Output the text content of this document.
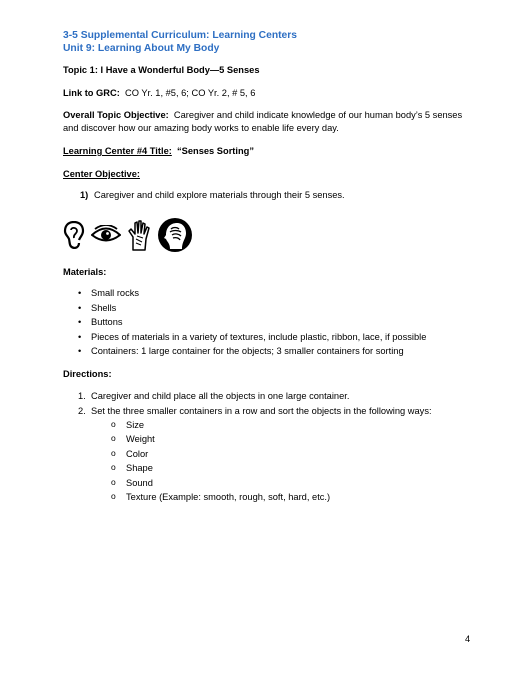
3-5 Supplemental Curriculum: Learning Centers
Unit 9: Learning About My Body
Topic 1: I Have a Wonderful Body—5 Senses
Link to GRC: CO Yr. 1, #5, 6; CO Yr. 2, # 5, 6
Overall Topic Objective: Caregiver and child indicate knowledge of our human body’s 5 senses and discover how our amazing body works to enable life every day.
Learning Center #4 Title: “Senses Sorting”
Center Objective:
1) Caregiver and child explore materials through their 5 senses.
Materials:
• Small rocks
• Shells
• Buttons
• Pieces of materials in a variety of textures, include plastic, ribbon, lace, if possible
• Containers: 1 large container for the objects; 3 smaller containers for sorting
Directions:
1. Caregiver and child place all the objects in one large container.
2. Set the three smaller containers in a row and sort the objects in the following ways:
o Size
o Weight
o Color
o Shape
o Sound
o Texture (Example: smooth, rough, soft, hard, etc.)
4
